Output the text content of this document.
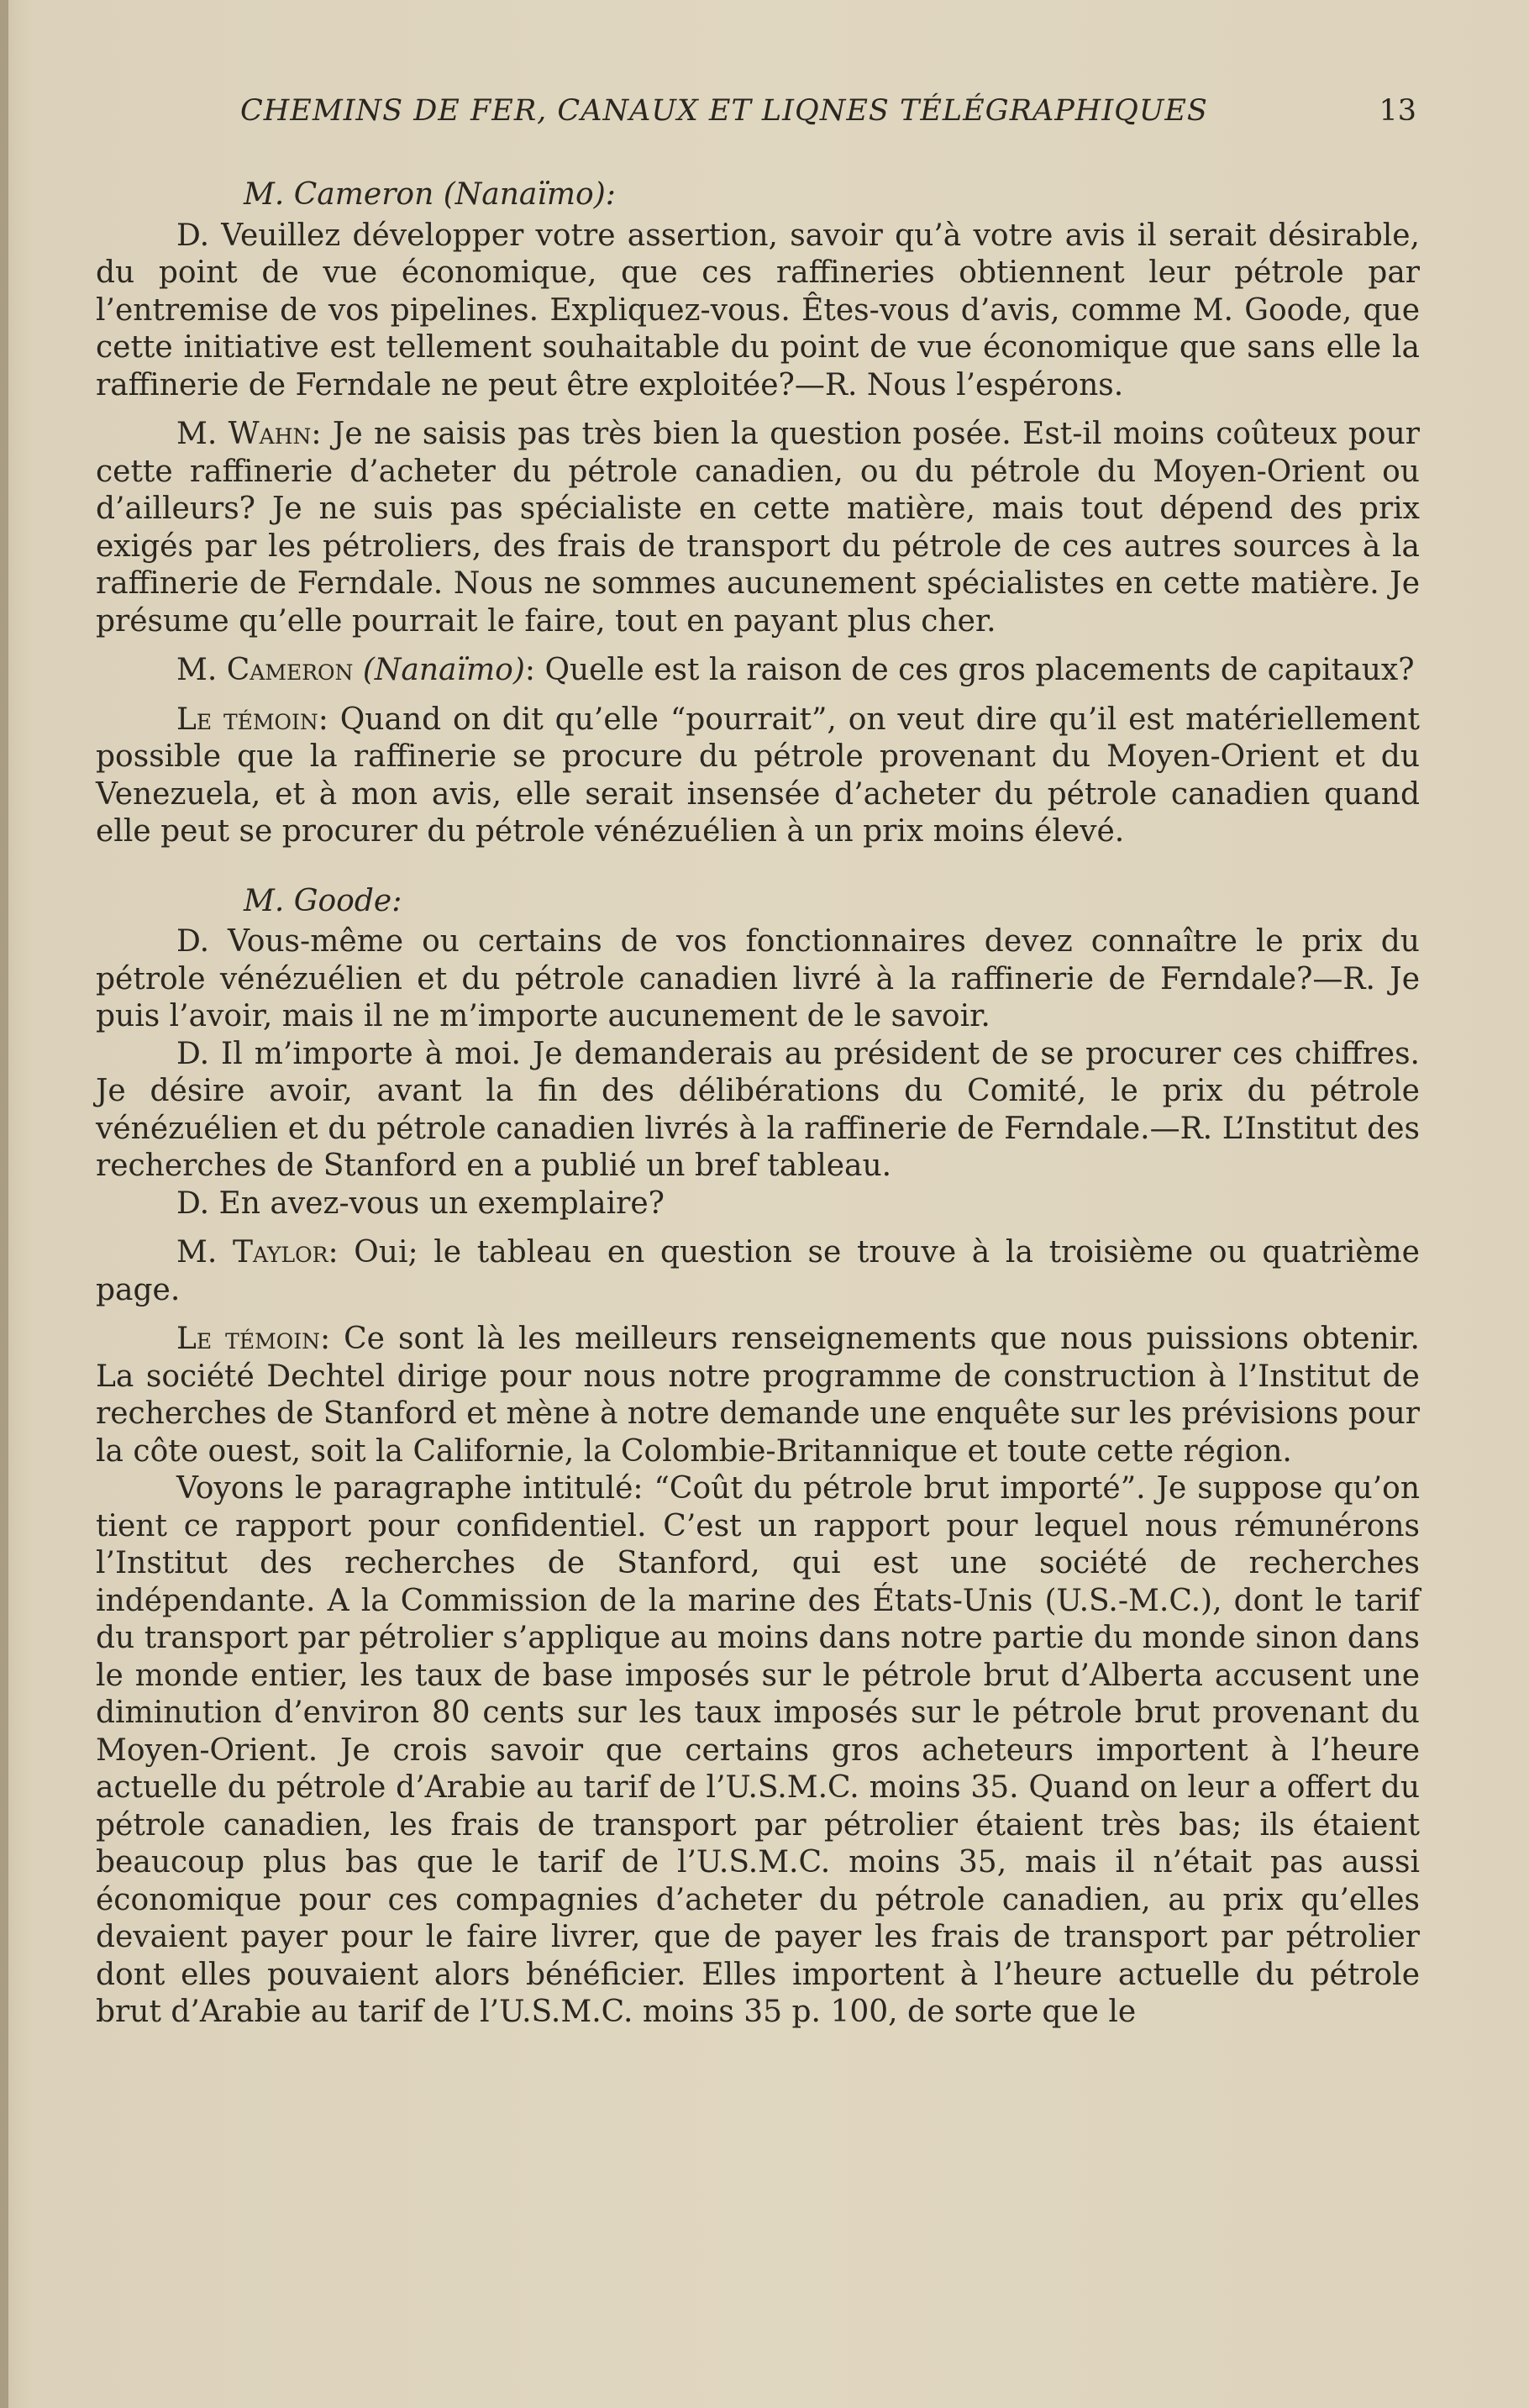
CHEMINS DE FER, CANAUX ET LIQNES TÉLÉGRAPHIQUES	13

M. Cameron (Nanaïmo):

D. Veuillez développer votre assertion, savoir qu’à votre avis il serait désirable, du point de vue économique, que ces raffineries obtiennent leur pétrole par l’entremise de vos pipelines. Expliquez-vous. Êtes-vous d’avis, comme M. Goode, que cette initiative est tellement souhaitable du point de vue économique que sans elle la raffinerie de Ferndale ne peut être exploitée?—R. Nous l’espérons.

M. Wahn: Je ne saisis pas très bien la question posée. Est-il moins coûteux pour cette raffinerie d’acheter du pétrole canadien, ou du pétrole du Moyen-Orient ou d’ailleurs? Je ne suis pas spécialiste en cette matière, mais tout dépend des prix exigés par les pétroliers, des frais de transport du pétrole de ces autres sources à la raffinerie de Ferndale. Nous ne sommes aucunement spécialistes en cette matière. Je présume qu’elle pourrait le faire, tout en payant plus cher.

M. Cameron (Nanaïmo): Quelle est la raison de ces gros placements de capitaux?

Le témoin: Quand on dit qu’elle “pourrait”, on veut dire qu’il est matériellement possible que la raffinerie se procure du pétrole provenant du Moyen-Orient et du Venezuela, et à mon avis, elle serait insensée d’acheter du pétrole canadien quand elle peut se procurer du pétrole vénézuélien à un prix moins élevé.

M. Goode:

D. Vous-même ou certains de vos fonctionnaires devez connaître le prix du pétrole vénézuélien et du pétrole canadien livré à la raffinerie de Ferndale?—R. Je puis l’avoir, mais il ne m’importe aucunement de le savoir.

D. Il m’importe à moi. Je demanderais au président de se procurer ces chiffres. Je désire avoir, avant la fin des délibérations du Comité, le prix du pétrole vénézuélien et du pétrole canadien livrés à la raffinerie de Ferndale.—R. L’Institut des recherches de Stanford en a publié un bref tableau.

D. En avez-vous un exemplaire?

M. Taylor: Oui; le tableau en question se trouve à la troisième ou quatrième page.

Le témoin: Ce sont là les meilleurs renseignements que nous puissions obtenir. La société Dechtel dirige pour nous notre programme de construction à l’Institut de recherches de Stanford et mène à notre demande une enquête sur les prévisions pour la côte ouest, soit la Californie, la Colombie-Britannique et toute cette région.

Voyons le paragraphe intitulé: “Coût du pétrole brut importé”. Je suppose qu’on tient ce rapport pour confidentiel. C’est un rapport pour lequel nous rémunérons l’Institut des recherches de Stanford, qui est une société de recherches indépendante. A la Commission de la marine des États-Unis (U.S.-M.C.), dont le tarif du transport par pétrolier s’applique au moins dans notre partie du monde sinon dans le monde entier, les taux de base imposés sur le pétrole brut d’Alberta accusent une diminution d’environ 80 cents sur les taux imposés sur le pétrole brut provenant du Moyen-Orient. Je crois savoir que certains gros acheteurs importent à l’heure actuelle du pétrole d’Arabie au tarif de l’U.S.M.C. moins 35. Quand on leur a offert du pétrole canadien, les frais de transport par pétrolier étaient très bas; ils étaient beaucoup plus bas que le tarif de l’U.S.M.C. moins 35, mais il n’était pas aussi économique pour ces compagnies d’acheter du pétrole canadien, au prix qu’elles devaient payer pour le faire livrer, que de payer les frais de transport par pétrolier dont elles pouvaient alors bénéficier. Elles importent à l’heure actuelle du pétrole brut d’Arabie au tarif de l’U.S.M.C. moins 35 p. 100, de sorte que le
